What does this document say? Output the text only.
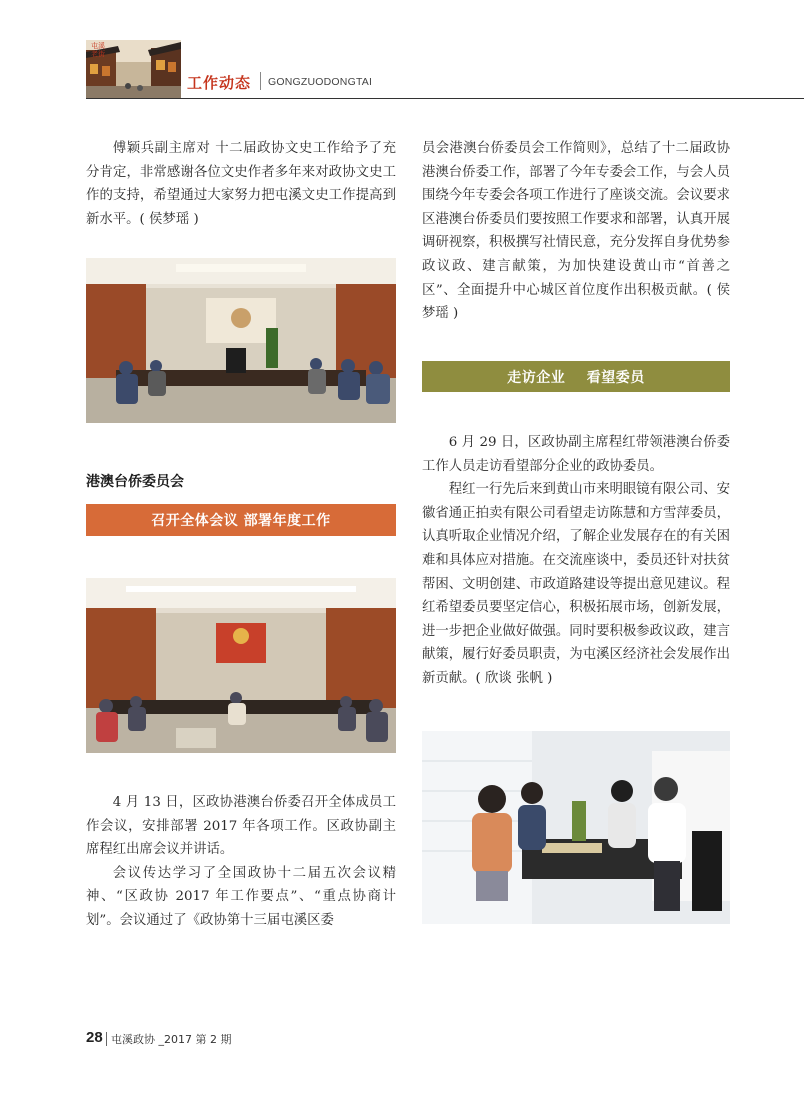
屯溪老街
工作动态 GONGZUODONGTAI

傅颖兵副主席对 十二届政协文史工作给予了充分肯定，非常感谢各位文史作者多年来对政协文史工作的支持，希望通过大家努力把屯溪文史工作提高到新水平。( 侯梦瑶 )

港澳台侨委员会
召开全体会议 部署年度工作

4 月 13 日，区政协港澳台侨委召开全体成员工作会议，安排部署 2017 年各项工作。区政协副主席程红出席会议并讲话。

会议传达学习了全国政协十二届五次会议精神、“区政协 2017 年工作要点”、“重点协商计划”。会议通过了《政协第十三届屯溪区委

员会港澳台侨委员会工作简则》，总结了十二届政协港澳台侨委工作，部署了今年专委会工作，与会人员围绕今年专委会各项工作进行了座谈交流。会议要求区港澳台侨委员们要按照工作要求和部署，认真开展调研视察，积极撰写社情民意，充分发挥自身优势参政议政、建言献策，为加快建设黄山市“首善之区”、全面提升中心城区首位度作出积极贡献。( 侯梦瑶 )

走访企业    看望委员

6 月 29 日，区政协副主席程红带领港澳台侨委工作人员走访看望部分企业的政协委员。

程红一行先后来到黄山市来明眼镜有限公司、安徽省通正拍卖有限公司看望走访陈慧和方雪萍委员，认真听取企业情况介绍，了解企业发展存在的有关困难和具体应对措施。在交流座谈中，委员还针对扶贫帮困、文明创建、市政道路建设等提出意见建议。程红希望委员要坚定信心，积极拓展市场，创新发展，进一步把企业做好做强。同时要积极参政议政，建言献策，履行好委员职责，为屯溪区经济社会发展作出新贡献。( 欣谈 张帆 )

28 屯溪政协 _2017 第 2 期
